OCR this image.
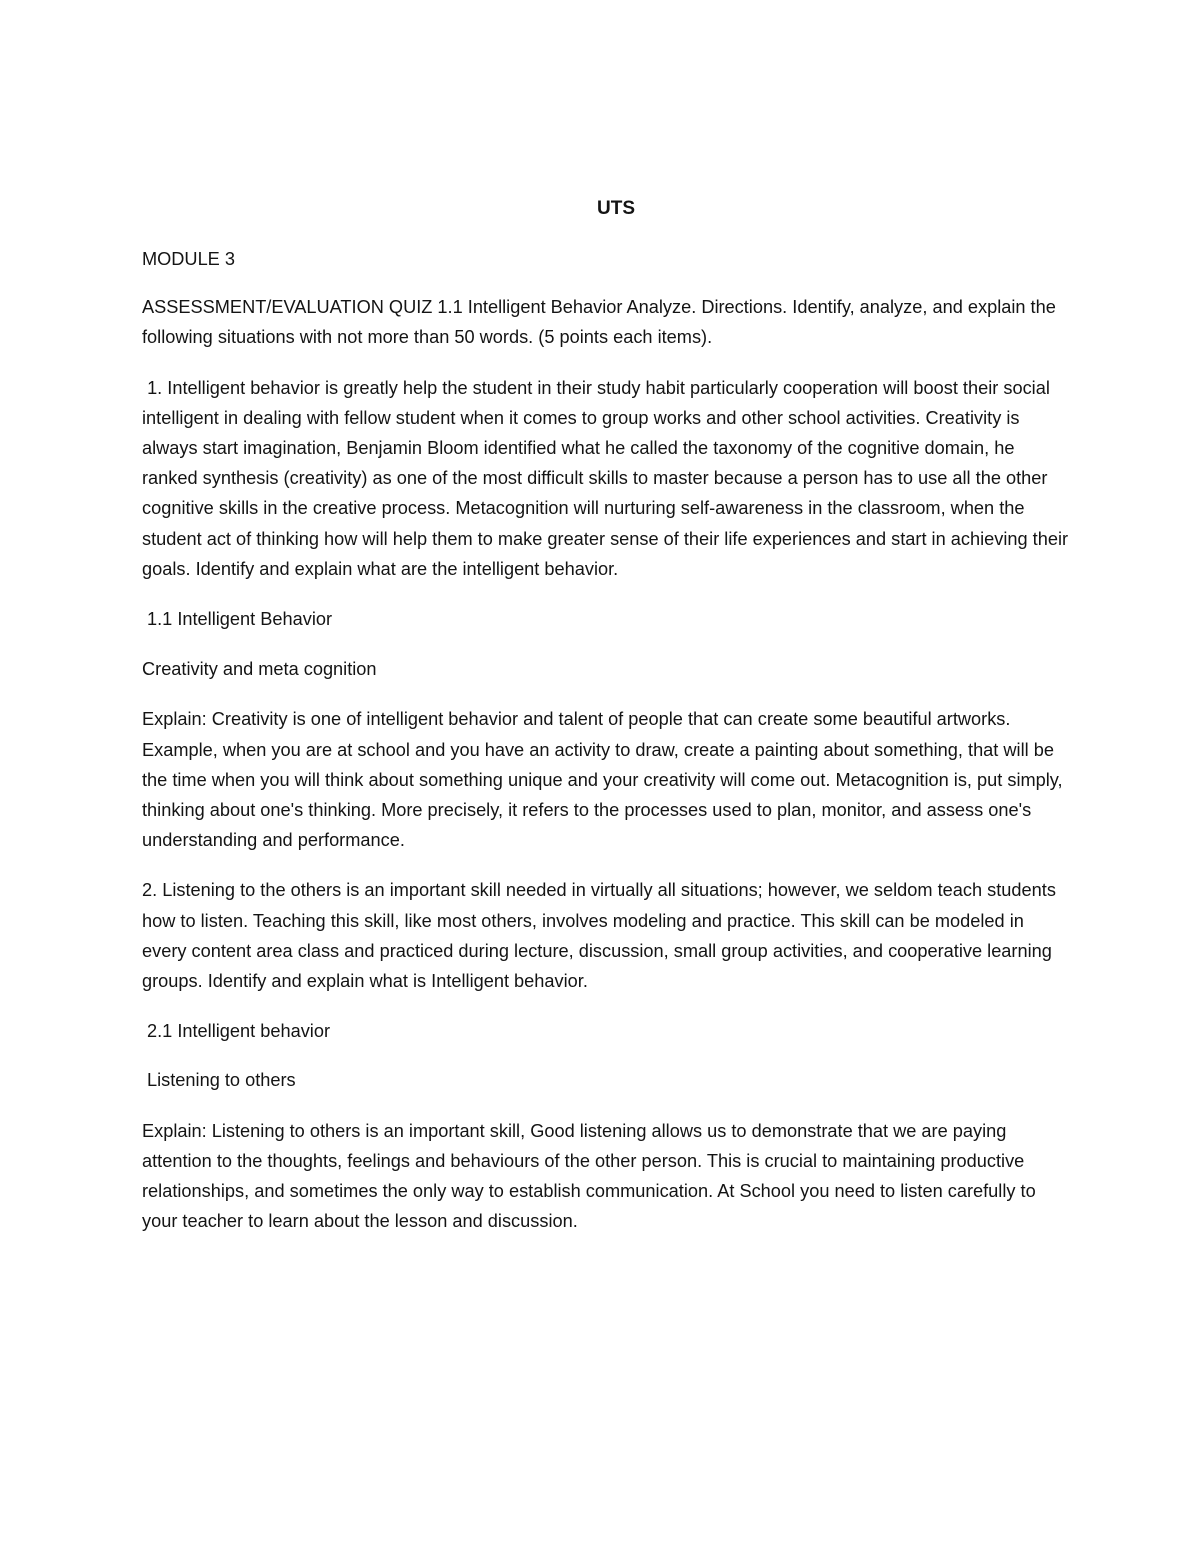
UTS

MODULE 3

ASSESSMENT/EVALUATION QUIZ 1.1 Intelligent Behavior Analyze. Directions. Identify, analyze, and explain the following situations with not more than 50 words. (5 points each items).

1. Intelligent behavior is greatly help the student in their study habit particularly cooperation will boost their social intelligent in dealing with fellow student when it comes to group works and other school activities. Creativity is always start imagination, Benjamin Bloom identified what he called the taxonomy of the cognitive domain, he ranked synthesis (creativity) as one of the most difficult skills to master because a person has to use all the other cognitive skills in the creative process. Metacognition will nurturing self-awareness in the classroom, when the student act of thinking how will help them to make greater sense of their life experiences and start in achieving their goals. Identify and explain what are the intelligent behavior.

1.1 Intelligent Behavior

Creativity and meta cognition

Explain: Creativity is one of intelligent behavior and talent of people that can create some beautiful artworks. Example, when you are at school and you have an activity to draw, create a painting about something, that will be the time when you will think about something unique and your creativity will come out. Metacognition is, put simply, thinking about one's thinking. More precisely, it refers to the processes used to plan, monitor, and assess one's understanding and performance.

2. Listening to the others is an important skill needed in virtually all situations; however, we seldom teach students how to listen. Teaching this skill, like most others, involves modeling and practice. This skill can be modeled in every content area class and practiced during lecture, discussion, small group activities, and cooperative learning groups. Identify and explain what is Intelligent behavior.

2.1 Intelligent behavior

Listening to others

Explain: Listening to others is an important skill, Good listening allows us to demonstrate that we are paying attention to the thoughts, feelings and behaviours of the other person. This is crucial to maintaining productive relationships, and sometimes the only way to establish communication. At School you need to listen carefully to your teacher to learn about the lesson and discussion.
